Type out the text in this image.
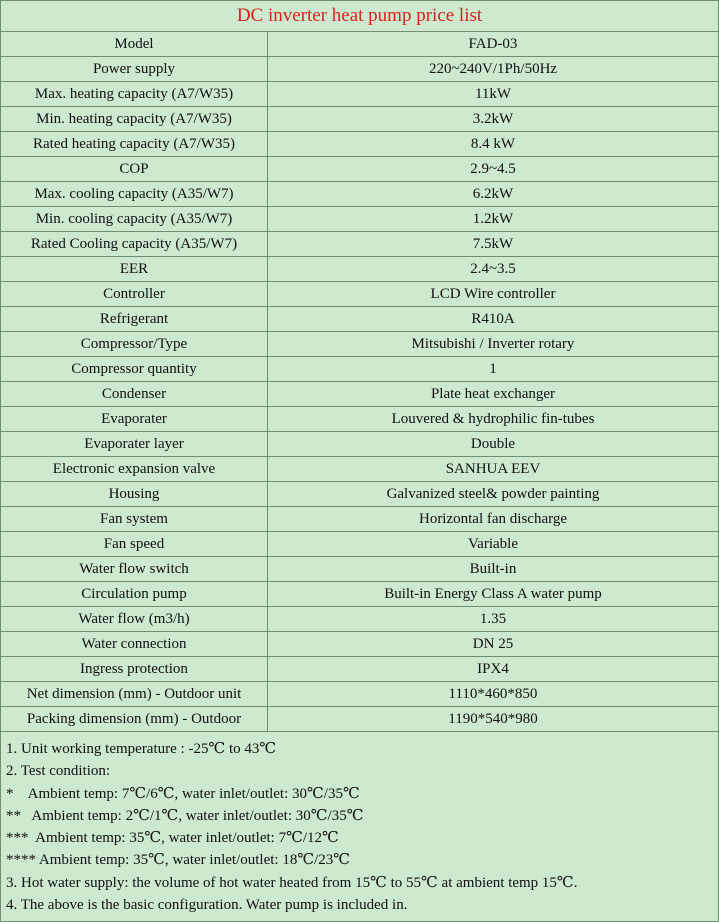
DC inverter heat pump price list
Model	FAD-03
Power supply	220~240V/1Ph/50Hz
Max. heating capacity (A7/W35)	11kW
Min. heating capacity (A7/W35)	3.2kW
Rated heating capacity (A7/W35)	8.4 kW
COP	2.9~4.5
Max. cooling capacity (A35/W7)	6.2kW
Min. cooling capacity (A35/W7)	1.2kW
Rated Cooling capacity (A35/W7)	7.5kW
EER	2.4~3.5
Controller	LCD Wire controller
Refrigerant	R410A
Compressor/Type	Mitsubishi / Inverter rotary
Compressor quantity	1
Condenser	Plate heat exchanger
Evaporater	Louvered & hydrophilic fin-tubes
Evaporater layer	Double
Electronic expansion valve	SANHUA EEV
Housing	Galvanized steel& powder painting
Fan system	Horizontal fan discharge
Fan speed	Variable
Water flow switch	Built-in
Circulation pump	Built-in Energy Class A water pump
Water flow (m3/h)	1.35
Water connection	DN 25
Ingress protection	IPX4
Net dimension (mm) - Outdoor unit	1110*460*850
Packing dimension (mm) - Outdoor	1190*540*980
1. Unit working temperature : -25℃ to 43℃
2. Test condition:
*    Ambient temp: 7℃/6℃, water inlet/outlet: 30℃/35℃
**   Ambient temp: 2℃/1℃, water inlet/outlet: 30℃/35℃
***  Ambient temp: 35℃, water inlet/outlet: 7℃/12℃
**** Ambient temp: 35℃, water inlet/outlet: 18℃/23℃
3. Hot water supply: the volume of hot water heated from 15℃ to 55℃ at ambient temp 15℃.
4. The above is the basic configuration. Water pump is included in.
